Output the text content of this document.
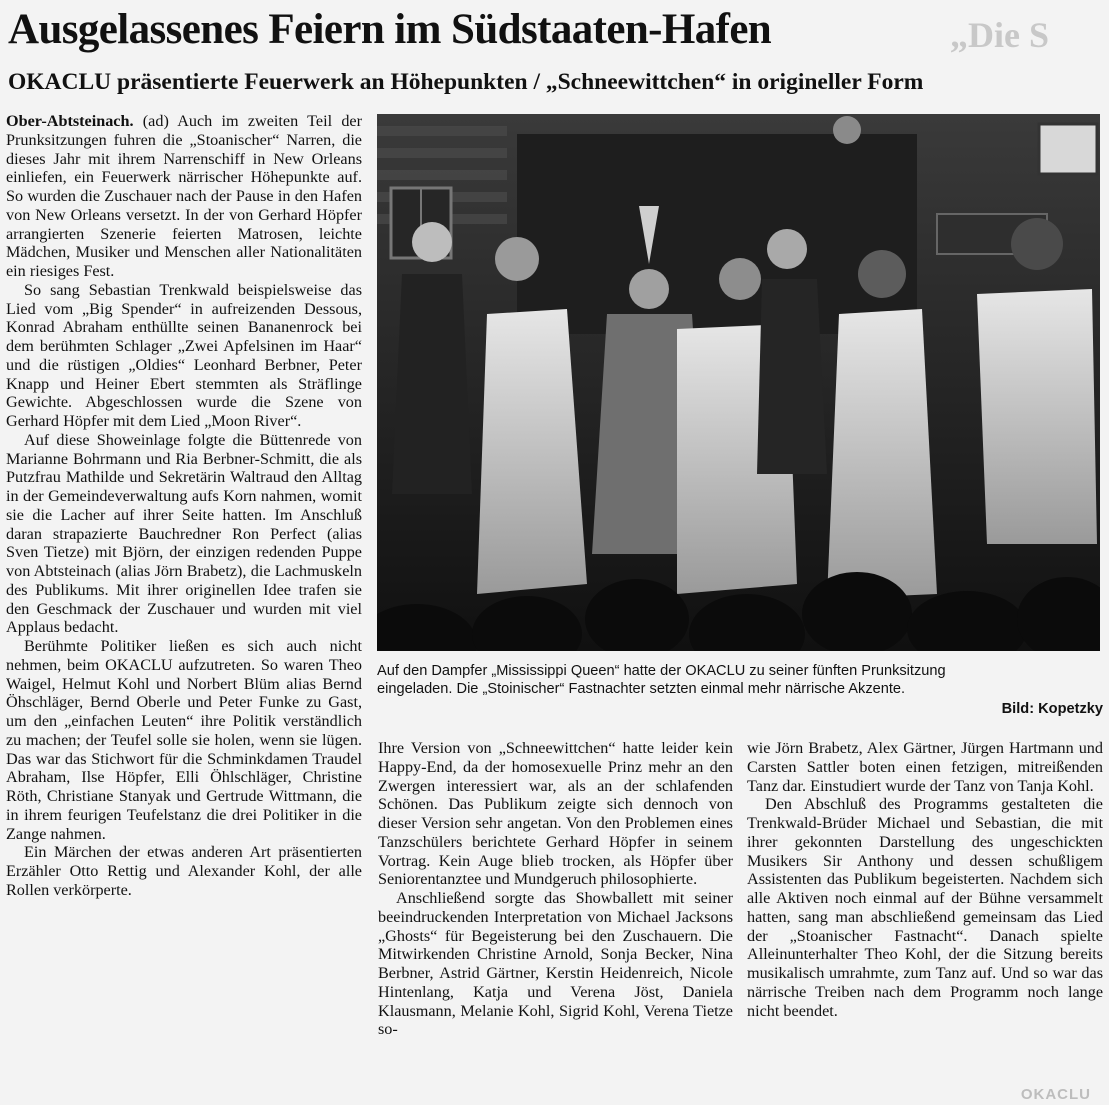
Ausgelassenes Feiern im Südstaaten-Hafen	„Die S
OKACLU präsentierte Feuerwerk an Höhepunkten / „Schneewittchen“ in origineller Form

Ober-Abtsteinach. (ad) Auch im zweiten Teil der Prunksitzungen fuhren die „Stoanischer“ Narren, die dieses Jahr mit ihrem Narrenschiff in New Orleans einliefen, ein Feuerwerk närrischer Höhepunkte auf. So wurden die Zuschauer nach der Pause in den Hafen von New Orleans versetzt. In der von Gerhard Höpfer arrangierten Szenerie feierten Matrosen, leichte Mädchen, Musiker und Menschen aller Nationalitäten ein riesiges Fest.

So sang Sebastian Trenkwald beispielsweise das Lied vom „Big Spender“ in aufreizenden Dessous, Konrad Abraham enthüllte seinen Bananenrock bei dem berühmten Schlager „Zwei Apfelsinen im Haar“ und die rüstigen „Oldies“ Leonhard Berbner, Peter Knapp und Heiner Ebert stemmten als Sträflinge Gewichte. Abgeschlossen wurde die Szene von Gerhard Höpfer mit dem Lied „Moon River“.

Auf diese Showeinlage folgte die Büttenrede von Marianne Bohrmann und Ria Berbner-Schmitt, die als Putzfrau Mathilde und Sekretärin Waltraud den Alltag in der Gemeindeverwaltung aufs Korn nahmen, womit sie die Lacher auf ihrer Seite hatten. Im Anschluß daran strapazierte Bauchredner Ron Perfect (alias Sven Tietze) mit Björn, der einzigen redenden Puppe von Abtsteinach (alias Jörn Brabetz), die Lachmuskeln des Publikums. Mit ihrer originellen Idee trafen sie den Geschmack der Zuschauer und wurden mit viel Applaus bedacht.

Berühmte Politiker ließen es sich auch nicht nehmen, beim OKACLU aufzutreten. So waren Theo Waigel, Helmut Kohl und Norbert Blüm alias Bernd Öhschläger, Bernd Oberle und Peter Funke zu Gast, um den „einfachen Leuten“ ihre Politik verständlich zu machen; der Teufel solle sie holen, wenn sie lügen. Das war das Stichwort für die Schminkdamen Traudel Abraham, Ilse Höpfer, Elli Öhlschläger, Christine Röth, Christiane Stanyak und Gertrude Wittmann, die in ihrem feurigen Teufelstanz die drei Politiker in die Zange nahmen.

Ein Märchen der etwas anderen Art präsentierten Erzähler Otto Rettig und Alexander Kohl, der alle Rollen verkörperte.

Auf den Dampfer „Mississippi Queen“ hatte der OKACLU zu seiner fünften Prunksitzung
eingeladen. Die „Stoinischer“ Fastnachter setzten einmal mehr närrische Akzente.
Bild: Kopetzky

Ihre Version von „Schneewittchen“ hatte leider kein Happy-End, da der homosexuelle Prinz mehr an den Zwergen interessiert war, als an der schlafenden Schönen. Das Publikum zeigte sich dennoch von dieser Version sehr angetan. Von den Problemen eines Tanzschülers berichtete Gerhard Höpfer in seinem Vortrag. Kein Auge blieb trocken, als Höpfer über Seniorentanztee und Mundgeruch philosophierte.

Anschließend sorgte das Showballett mit seiner beeindruckenden Interpretation von Michael Jacksons „Ghosts“ für Begeisterung bei den Zuschauern. Die Mitwirkenden Christine Arnold, Sonja Becker, Nina Berbner, Astrid Gärtner, Kerstin Heidenreich, Nicole Hintenlang, Katja und Verena Jöst, Daniela Klausmann, Melanie Kohl, Sigrid Kohl, Verena Tietze so-

wie Jörn Brabetz, Alex Gärtner, Jürgen Hartmann und Carsten Sattler boten einen fetzigen, mitreißenden Tanz dar. Einstudiert wurde der Tanz von Tanja Kohl.

Den Abschluß des Programms gestalteten die Trenkwald-Brüder Michael und Sebastian, die mit ihrer gekonnten Darstellung des ungeschickten Musikers Sir Anthony und dessen schußligem Assistenten das Publikum begeisterten. Nachdem sich alle Aktiven noch einmal auf der Bühne versammelt hatten, sang man abschließend gemeinsam das Lied der „Stoanischer Fastnacht“. Danach spielte Alleinunterhalter Theo Kohl, der die Sitzung bereits musikalisch umrahmte, zum Tanz auf. Und so war das närrische Treiben nach dem Programm noch lange nicht beendet.

OKACLU
